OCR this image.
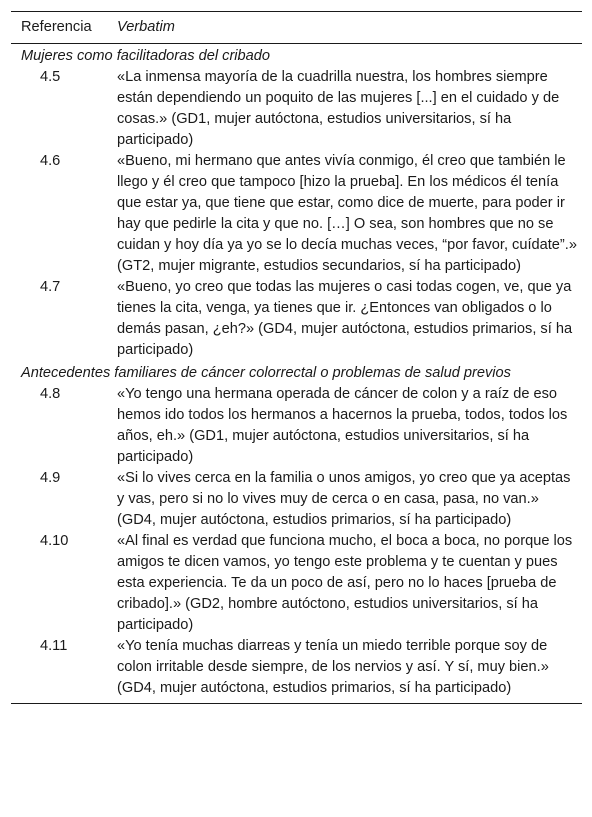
Referencia	Verbatim
Mujeres como facilitadoras del cribado	
4.5	«La inmensa mayoría de la cuadrilla nuestra, los hombres siempre están dependiendo un poquito de las mujeres [...] en el cuidado y de cosas.» (GD1, mujer autóctona, estudios universitarios, sí ha participado)
4.6	«Bueno, mi hermano que antes vivía conmigo, él creo que también le llego y él creo que tampoco [hizo la prueba]. En los médicos él tenía que estar ya, que tiene que estar, como dice de muerte, para poder ir hay que pedirle la cita y que no. […] O sea, son hombres que no se cuidan y hoy día ya yo se lo decía muchas veces, “por favor, cuídate”.» (GT2, mujer migrante, estudios secundarios, sí ha participado)
4.7	«Bueno, yo creo que todas las mujeres o casi todas cogen, ve, que ya tienes la cita, venga, ya tienes que ir. ¿Entonces van obligados o lo demás pasan, ¿eh?» (GD4, mujer autóctona, estudios primarios, sí ha participado)
Antecedentes familiares de cáncer colorrectal o problemas de salud previos	
4.8	«Yo tengo una hermana operada de cáncer de colon y a raíz de eso hemos ido todos los hermanos a hacernos la prueba, todos, todos los años, eh.» (GD1, mujer autóctona, estudios universitarios, sí ha participado)
4.9	«Si lo vives cerca en la familia o unos amigos, yo creo que ya aceptas y vas, pero si no lo vives muy de cerca o en casa, pasa, no van.» (GD4, mujer autóctona, estudios primarios, sí ha participado)
4.10	«Al final es verdad que funciona mucho, el boca a boca, no porque los amigos te dicen vamos, yo tengo este problema y te cuentan y pues esta experiencia. Te da un poco de así, pero no lo haces [prueba de cribado].» (GD2, hombre autóctono, estudios universitarios, sí ha participado)
4.11	«Yo tenía muchas diarreas y tenía un miedo terrible porque soy de colon irritable desde siempre, de los nervios y así. Y sí, muy bien.» (GD4, mujer autóctona, estudios primarios, sí ha participado)
